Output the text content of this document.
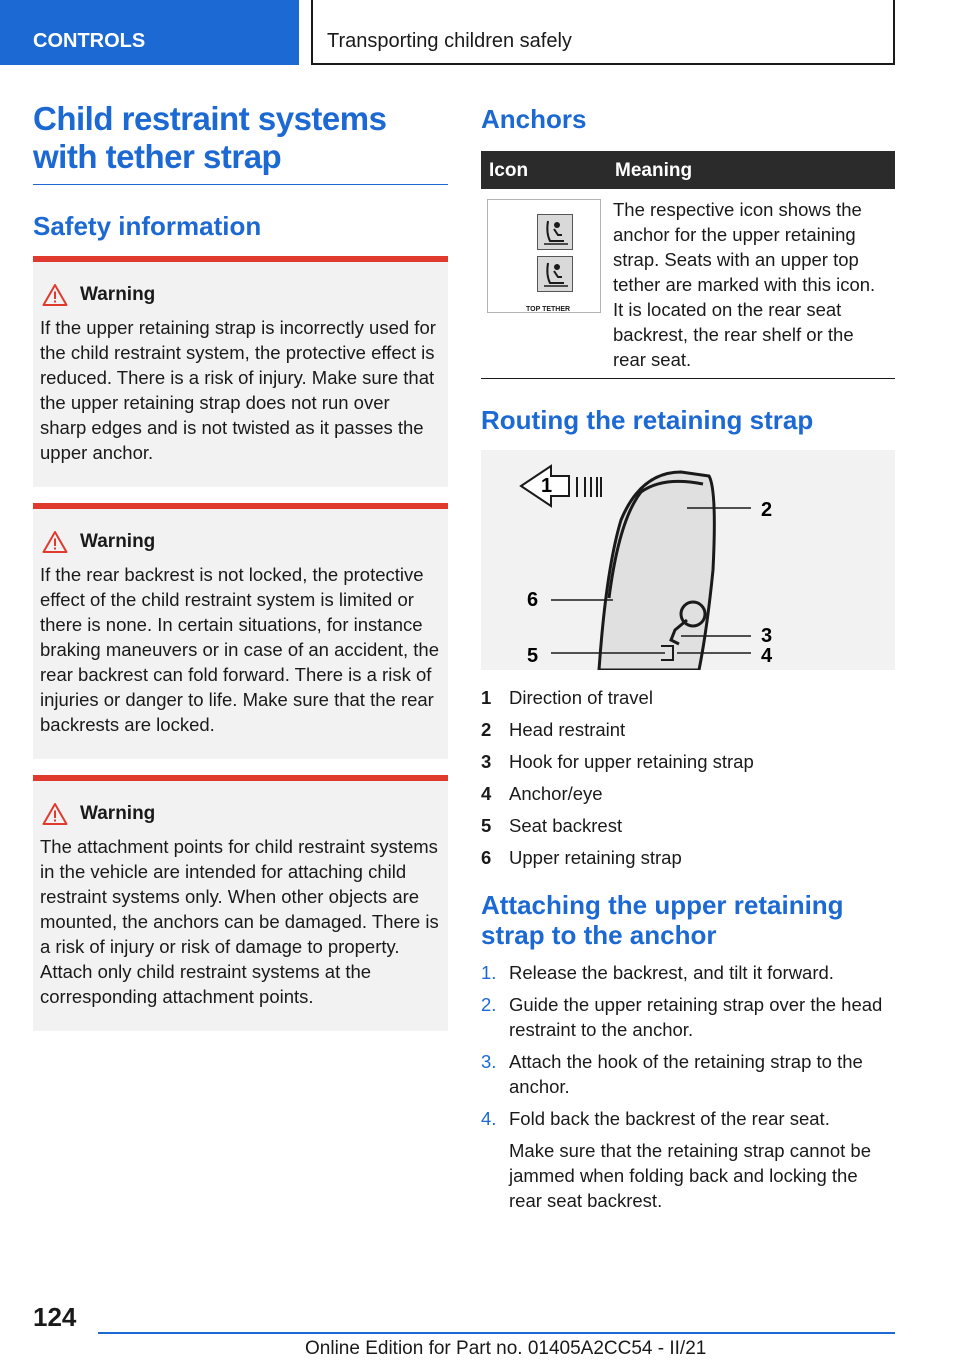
CONTROLS	Transporting children safely
Child restraint systems with tether strap
Safety information
Warning
If the upper retaining strap is incorrectly used for the child restraint system, the protective effect is reduced. There is a risk of injury. Make sure that the upper retaining strap does not run over sharp edges and is not twisted as it passes the upper anchor.
Warning
If the rear backrest is not locked, the protective effect of the child restraint system is limited or there is none. In certain situations, for instance braking maneuvers or in case of an accident, the rear backrest can fold forward. There is a risk of injuries or danger to life. Make sure that the rear backrests are locked.
Warning
The attachment points for child restraint systems in the vehicle are intended for attaching child restraint systems only. When other objects are mounted, the anchors can be damaged. There is a risk of injury or risk of damage to property. Attach only child restraint systems at the corresponding attachment points.
Anchors
Icon	Meaning

TOP TETHER	The respective icon shows the anchor for the upper retaining strap. Seats with an upper top tether are marked with this icon. It is located on the rear seat backrest, the rear shelf or the rear seat.
Routing the retaining strap
1
2
3
4
5
6
1 Direction of travel
2 Head restraint
3 Hook for upper retaining strap
4 Anchor/eye
5 Seat backrest
6 Upper retaining strap
Attaching the upper retaining strap to the anchor
1. Release the backrest, and tilt it forward.
2. Guide the upper retaining strap over the head restraint to the anchor.
3. Attach the hook of the retaining strap to the anchor.
4. Fold back the backrest of the rear seat.
Make sure that the retaining strap cannot be jammed when folding back and locking the rear seat backrest.
124
Online Edition for Part no. 01405A2CC54 - II/21
